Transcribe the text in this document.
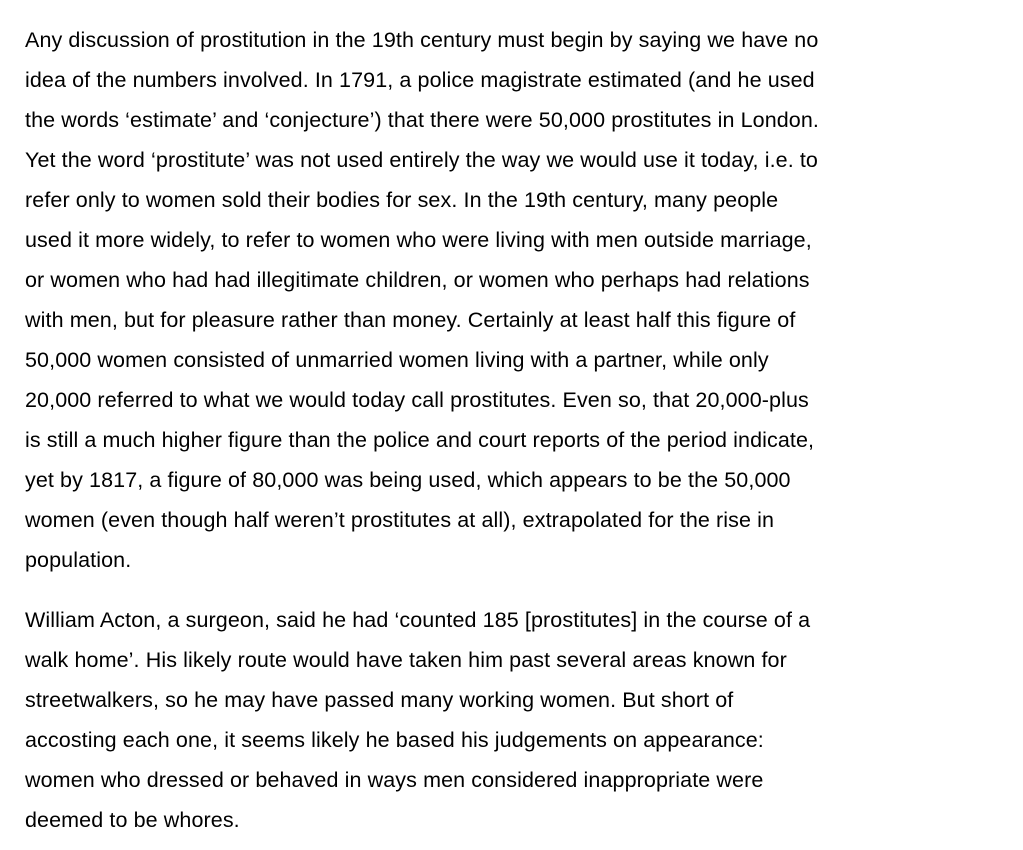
Any discussion of prostitution in the 19th century must begin by saying we have no
idea of the numbers involved. In 1791, a police magistrate estimated (and he used
the words ‘estimate’ and ‘conjecture’) that there were 50,000 prostitutes in London.
Yet the word ‘prostitute’ was not used entirely the way we would use it today, i.e. to
refer only to women sold their bodies for sex. In the 19th century, many people
used it more widely, to refer to women who were living with men outside marriage,
or women who had had illegitimate children, or women who perhaps had relations
with men, but for pleasure rather than money. Certainly at least half this figure of
50,000 women consisted of unmarried women living with a partner, while only
20,000 referred to what we would today call prostitutes. Even so, that 20,000-plus
is still a much higher figure than the police and court reports of the period indicate,
yet by 1817, a figure of 80,000 was being used, which appears to be the 50,000
women (even though half weren’t prostitutes at all), extrapolated for the rise in
population.
William Acton, a surgeon, said he had ‘counted 185 [prostitutes] in the course of a
walk home’. His likely route would have taken him past several areas known for
streetwalkers, so he may have passed many working women. But short of
accosting each one, it seems likely he based his judgements on appearance:
women who dressed or behaved in ways men considered inappropriate were
deemed to be whores.
